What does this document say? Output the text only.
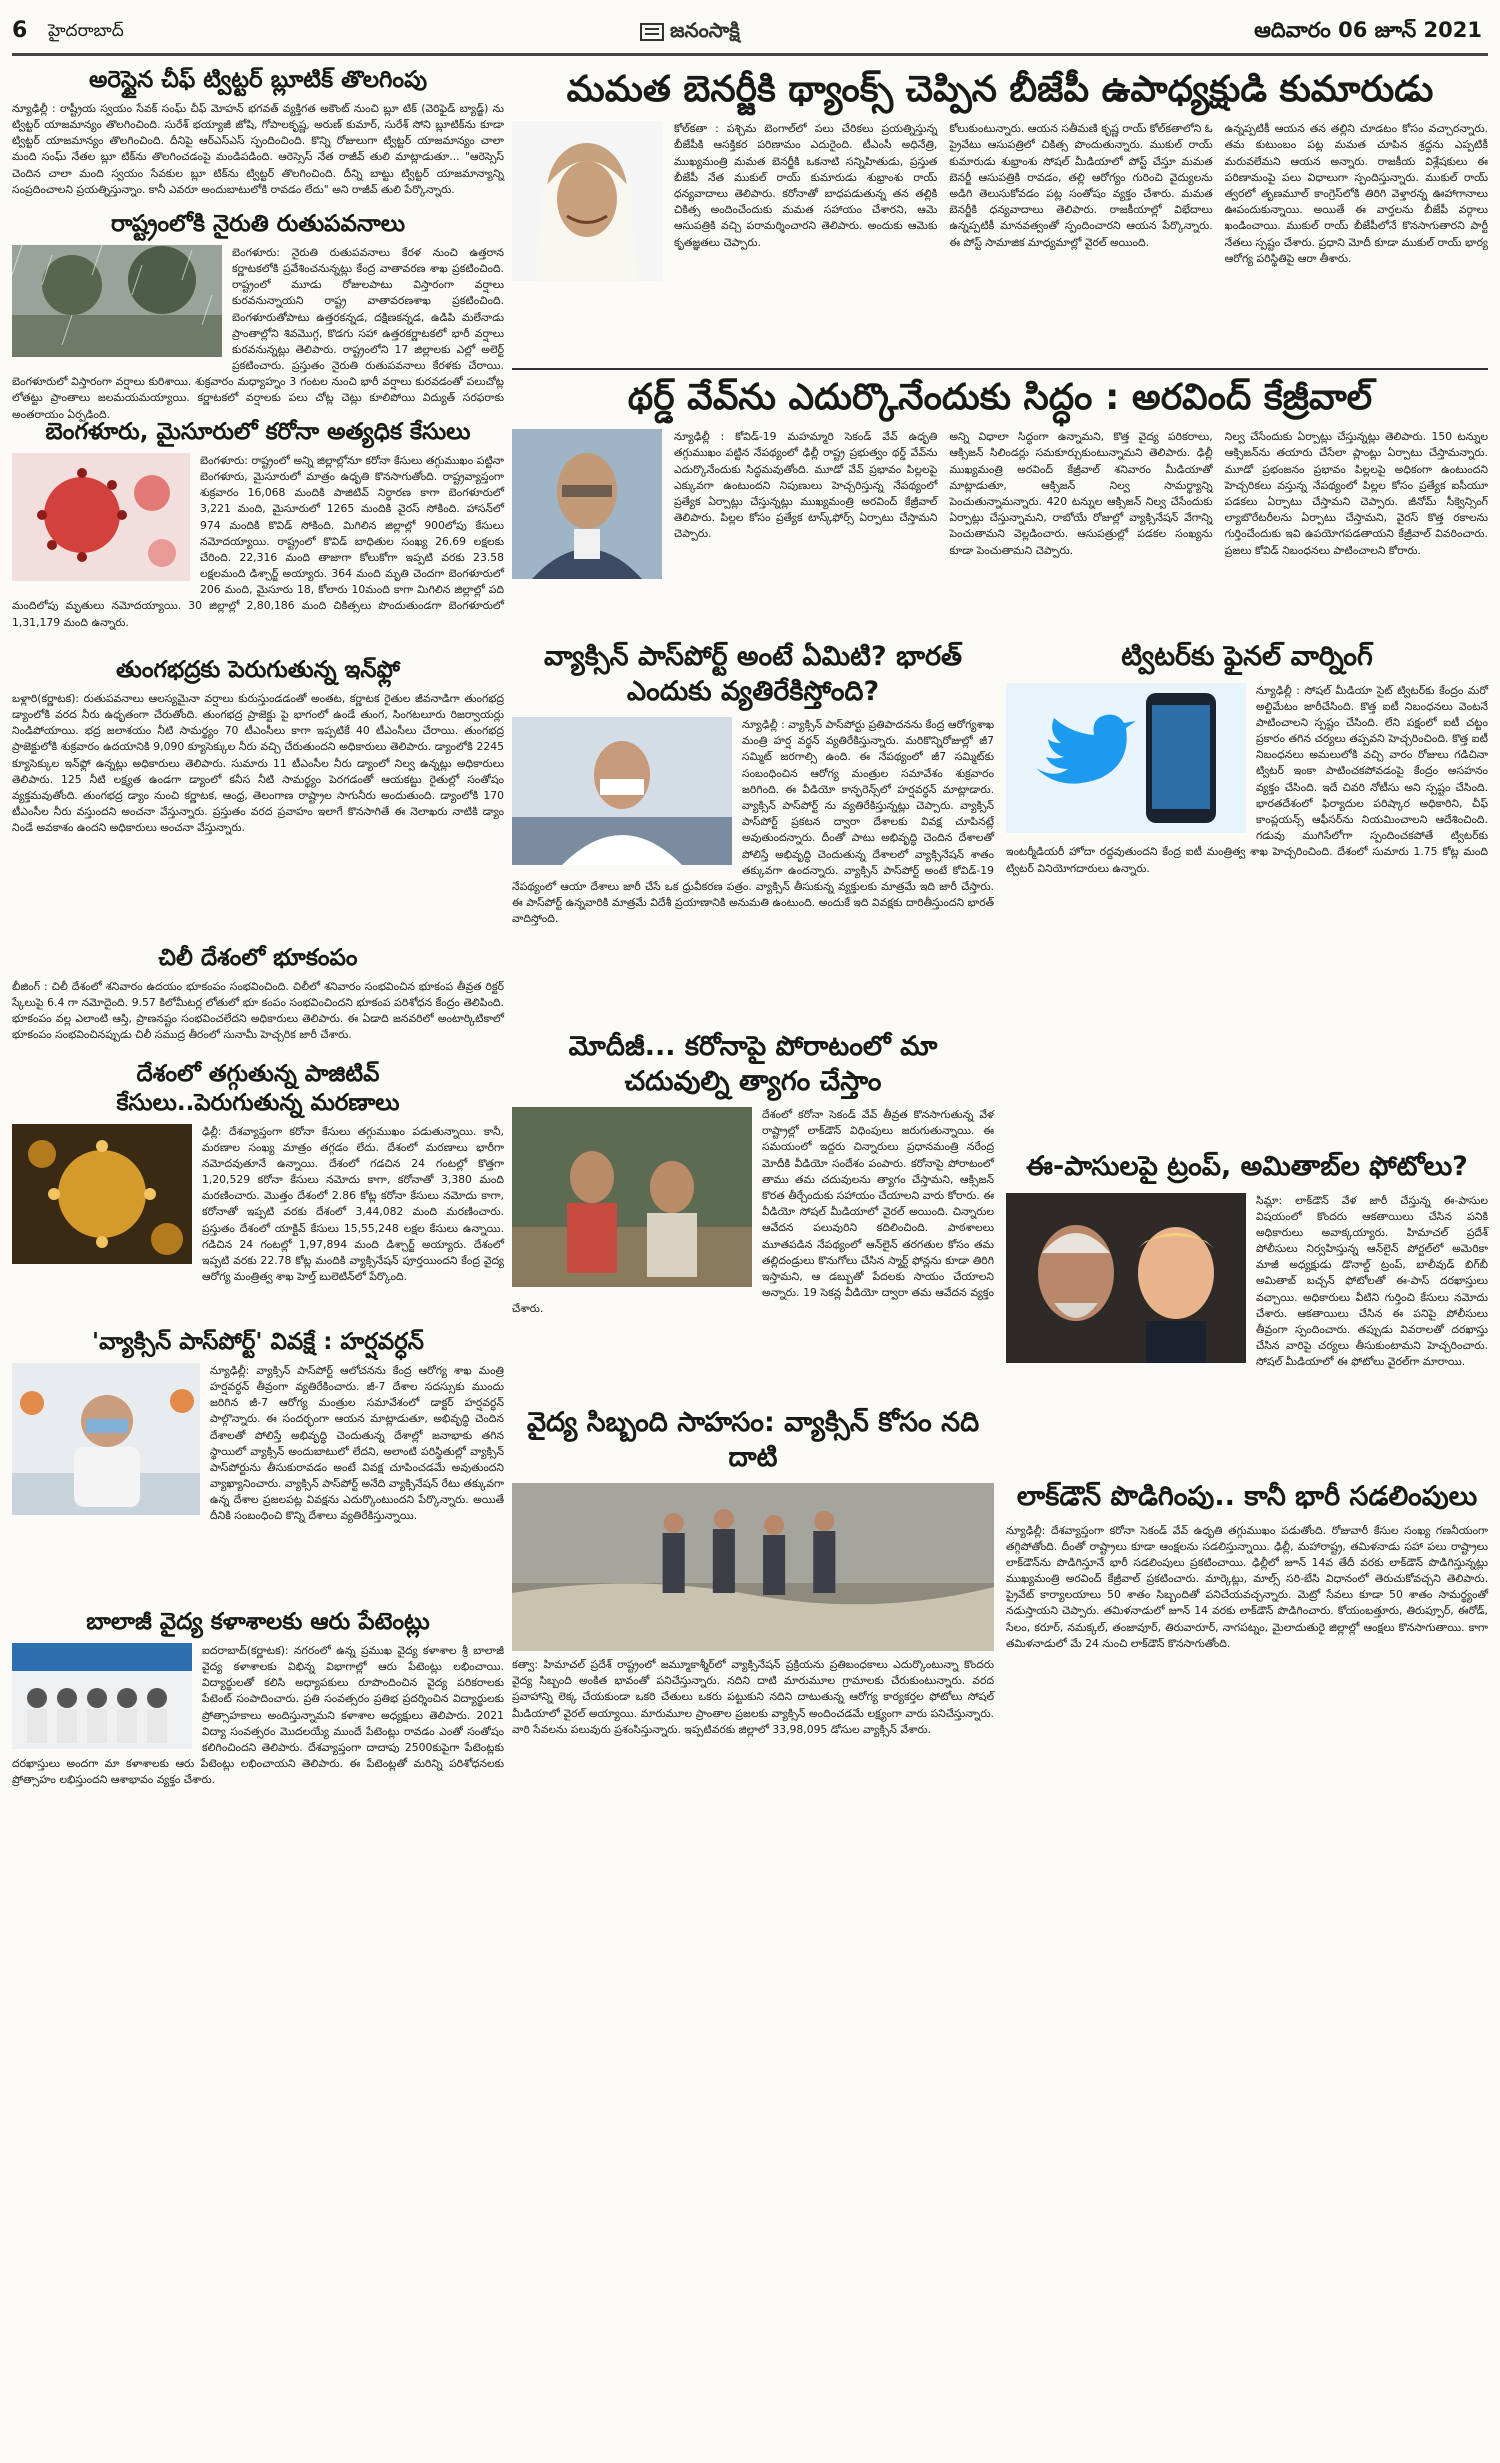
6 హైదరాబాద్	జనంసాక్షి	ఆదివారం 06 జూన్ 2021
అరెస్టైన చీఫ్‌ ట్విట్టర్‌ బ్లూటిక్‌ తొలగింపు

న్యూఢిల్లీ : రాష్ట్రీయ స్వయం సేవక్‌ సంఘ్‌ చీఫ్‌ మోహన్‌ భగవత్‌ వ్యక్తిగత అకౌంట్‌ నుంచి బ్లూ టిక్‌ (వెరిఫైడ్‌ బ్యాడ్జ్‌) ను ట్విట్టర్‌ యాజమాన్యం తొలగించింది. సురేశ్‌ భయ్యాజీ జోషి, గోపాలకృష్ణ, అరుణ్‌ కుమార్‌, సురేశ్‌ సోని బ్లూటిక్‌ను కూడా ట్విట్టర్‌ యాజమాన్యం తొలగించింది. దీనిపై ఆర్‌ఎస్‌ఎస్‌ స్పందించింది. కొన్ని రోజులుగా ట్విట్టర్‌ యాజమాన్యం చాలా మంది సంఘ్‌ నేతల బ్లూ టిక్‌ను తొలగించడంపై మండిపడింది. ఆరెస్సెస్‌ నేత రాజీవ్‌ తులి మాట్లాడుతూ... "ఆరెస్సెస్‌ చెందిన చాలా మంది స్వయం సేవకుల బ్లూ టిక్‌ను ట్విట్టర్‌ తొలగించింది. దీన్ని బాట్టు ట్విట్టర్‌ యాజమాన్యాన్ని సంప్రదించాలని ప్రయత్నిస్తున్నాం. కానీ ఎవరూ అందుబాటులోకి రావడం లేదు" అని రాజీవ్‌ తులి పేర్కొన్నారు.

రాష్ట్రంలోకి నైరుతి రుతుపవనాలు

బెంగళూరు: నైరుతి రుతుపవనాలు కేరళ నుంచి ఉత్తరాన కర్ణాటకలోకి ప్రవేశించనున్నట్లు కేంద్ర వాతావరణ శాఖ ప్రకటించింది. రాష్ట్రంలో మూడు రోజులపాటు విస్తారంగా వర్షాలు కురవనున్నాయని రాష్ట్ర వాతావరణశాఖ ప్రకటించింది. బెంగళూరుతోపాటు ఉత్తరకన్నడ, దక్షిణకన్నడ, ఉడిపి మలేనాడు ప్రాంతాల్లోని శివమొగ్గ, కొడగు సహా ఉత్తరకర్ణాటకలో భారీ వర్షాలు కురవనున్నట్లు తెలిపారు. రాష్ట్రంలోని 17 జిల్లాలకు ఎల్లో అలెర్ట్‌ ప్రకటించారు. ప్రస్తుతం నైరుతి రుతుపవనాలు కేరళకు చేరాయి. బెంగళూరులో విస్తారంగా వర్షాలు కురిశాయి. శుక్రవారం మధ్యాహ్నం 3 గంటల నుంచి భారీ వర్షాలు కురవడంతో పలుచోట్ల లోతట్టు ప్రాంతాలు జలమయమయ్యాయి. కర్ణాటకలో వర్షాలకు పలు చోట్ల చెట్లు కూలిపోయి విద్యుత్‌ సరఫరాకు అంతరాయం ఏర్పడింది.

బెంగళూరు, మైసూరులో కరోనా అత్యధిక కేసులు

బెంగళూరు: రాష్ట్రంలో అన్ని జిల్లాల్లోనూ కరోనా కేసులు తగ్గుముఖం పట్టినా బెంగళూరు, మైసూరులో మాత్రం ఉధృతి కొనసాగుతోంది. రాష్ట్రవ్యాప్తంగా శుక్రవారం 16,068 మందికి పాజిటివ్‌ నిర్ధారణ కాగా బెంగళూరులో 3,221 మంది, మైసూరులో 1265 మందికి వైరస్‌ సోకింది. హాసన్‌లో 974 మందికి కొవిడ్‌ సోకింది. మిగిలిన జిల్లాల్లో 900లోపు కేసులు నమోదయ్యాయి. రాష్ట్రంలో కొవిడ్‌ బాధితుల సంఖ్య 26.69 లక్షలకు చేరింది. 22,316 మంది తాజాగా కోలుకోగా ఇప్పటి వరకు 23.58 లక్షలమంది డిశ్చార్జ్‌ అయ్యారు. 364 మంది మృతి చెందగా బెంగళూరులో 206 మంది, మైసూరు 18, కోలారు 10మంది కాగా మిగిలిన జిల్లాల్లో పది మందిలోపు మృతులు నమోదయ్యాయి. 30 జిల్లాల్లో 2,80,186 మంది చికిత్సలు పొందుతుండగా బెంగళూరులో 1,31,179 మంది ఉన్నారు.

తుంగభద్రకు పెరుగుతున్న ఇన్‌ఫ్లో

బళ్లారి(కర్ణాటక): రుతుపవనాలు ఆలస్యమైనా వర్షాలు కురుస్తుండడంతో అంతట, కర్ణాటక రైతుల జీవనాడిగా తుంగభద్ర డ్యాంలోకి వరద నీరు ఉధృతంగా చేరుతోంది. తుంగభద్ర ప్రాజెక్టు పై భాగంలో ఉండే తుంగ, సింగటలూరు రిజర్వాయర్లు నిండిపోయాయి. భద్ర జలాశయం నీటి సామర్థ్యం 70 టీఎంసీలు కాగా ఇప్పటికే 40 టీఎంసీలు చేరాయి. తుంగభద్ర ప్రాజెక్టులోకి శుక్రవారం ఉదయానికి 9,090 క్యూసెక్కుల నీరు వచ్చి చేరుతుందని అధికారులు తెలిపారు. డ్యాంలోకి 2245 క్యూసెక్కుల ఇన్‌ఫ్లో ఉన్నట్లు అధికారులు తెలిపారు. సుమారు 11 టీఎంసీల నీరు డ్యాంలో నిల్వ ఉన్నట్లు అధికారులు తెలిపారు. 125 నీటి లక్ష్యత ఉండగా డ్యాంలో కనీస నీటి సామర్థ్యం పెరగడంతో ఆయకట్టు రైతుల్లో సంతోషం వ్యక్తమవుతోంది. తుంగభద్ర డ్యాం నుంచి కర్ణాటక, ఆంధ్ర, తెలంగాణ రాష్ట్రాల సాగునీరు అందుతుంది. డ్యాంలోకి 170 టీఎంసీల నీరు వస్తుందని అంచనా వేస్తున్నారు. ప్రస్తుతం వరద ప్రవాహం ఇలాగే కొనసాగితే ఈ నెలాఖరు నాటికి డ్యాం నిండే అవకాశం ఉందని అధికారులు అంచనా వేస్తున్నారు.

చిలీ దేశంలో భూకంపం

బీజింగ్‌ : చిలీ దేశంలో శనివారం ఉదయం భూకంపం సంభవించింది. చిలీలో శనివారం సంభవించిన భూకంప తీవ్రత రిక్టర్‌ స్కేలుపై 6.4 గా నమోదైంది. 9.57 కిలోమీటర్ల లోతులో భూ కంపం సంభవించిందని భూకంప పరిశోధన కేంద్రం తెలిపింది. భూకంపం వల్ల ఎలాంటి ఆస్తి, ప్రాణనష్టం సంభవించలేదని అధికారులు తెలిపారు. ఈ ఏడాది జనవరిలో అంటార్కిటికాలో భూకంపం సంభవించినప్పుడు చిలీ సముద్ర తీరంలో సునామీ హెచ్చరిక జారీ చేశారు.

దేశంలో తగ్గుతున్న పాజిటివ్‌ కేసులు..పెరుగుతున్న మరణాలు

ఢిల్లీ: దేశవ్యాప్తంగా కరోనా కేసులు తగ్గుముఖం పడుతున్నాయి. కానీ, మరణాల సంఖ్య మాత్రం తగ్గడం లేదు. దేశంలో మరణాలు భారీగా నమోదవుతూనే ఉన్నాయి. దేశంలో గడచిన 24 గంటల్లో కొత్తగా 1,20,529 కరోనా కేసులు నమోదు కాగా, కరోనాతో 3,380 మంది మరణించారు. మొత్తం దేశంలో 2.86 కోట్ల కరోనా కేసులు నమోదు కాగా, కరోనాతో ఇప్పటి వరకు దేశంలో 3,44,082 మంది మరణించారు. ప్రస్తుతం దేశంలో యాక్టివ్‌ కేసులు 15,55,248 లక్షల కేసులు ఉన్నాయి. గడిచిన 24 గంటల్లో 1,97,894 మంది డిశ్చార్జ్‌ అయ్యారు. దేశంలో ఇప్పటి వరకు 22.78 కోట్ల మందికి వ్యాక్సినేషన్‌ పూర్తయిందని కేంద్ర వైద్య ఆరోగ్య మంత్రిత్వ శాఖ హెల్త్‌ బులెటిన్‌లో పేర్కొంది.

'వ్యాక్సిన్‌ పాస్‌పోర్ట్‌' వివక్షే : హర్షవర్ధన్‌

న్యూఢిల్లీ: వ్యాక్సిన్‌ పాస్‌పోర్ట్‌ ఆలోచనను కేంద్ర ఆరోగ్య శాఖ మంత్రి హర్షవర్ధన్‌ తీవ్రంగా వ్యతిరేకించారు. జీ-7 దేశాల సదస్సుకు ముందు జరిగిన జీ-7 ఆరోగ్య మంత్రుల సమావేశంలో డాక్టర్‌ హర్షవర్ధన్‌ పాల్గొన్నారు. ఈ సందర్భంగా ఆయన మాట్లాడుతూ, అభివృద్ధి చెందిన దేశాలతో పోలిస్తే అభివృద్ధి చెందుతున్న దేశాల్లో జనాభాకు తగిన స్థాయిలో వ్యాక్సిన్‌ అందుబాటులో లేదని, అలాంటి పరిస్థితుల్లో వ్యాక్సిన్‌ పాస్‌పోర్టును తీసుకురావడం అంటే వివక్ష చూపించడమే అవుతుందని వ్యాఖ్యానించారు. వ్యాక్సిన్‌ పాస్‌పోర్ట్‌ అనేది వ్యాక్సినేషన్‌ రేటు తక్కువగా ఉన్న దేశాల ప్రజలపట్ల వివక్షను ఎదుర్కొంటుందని పేర్కొన్నారు. అయితే దీనికి సంబంధించి కొన్ని దేశాలు వ్యతిరేకిస్తున్నాయి.

బాలాజీ వైద్య కళాశాలకు ఆరు పేటెంట్లు

ఐదరాబాద్‌(కర్ణాటక): నగరంలో ఉన్న ప్రముఖ వైద్య కళాశాల శ్రీ బాలాజీ వైద్య కళాశాలకు విభిన్న విభాగాల్లో ఆరు పేటెంట్లు లభించాయి. విద్యార్థులతో కలిసి అధ్యాపకులు రూపొందించిన వైద్య పరికరాలకు పేటెంట్‌ సంపాదించారు. ప్రతి సంవత్సరం ప్రతిభ ప్రదర్శించిన విద్యార్థులకు ప్రోత్సాహకాలు అందిస్తున్నామని కళాశాల అధ్యక్షులు తెలిపారు. 2021 విద్యా సంవత్సరం మొదలయ్యే ముందే పేటెంట్లు రావడం ఎంతో సంతోషం కలిగించిందని తెలిపారు. దేశవ్యాప్తంగా దాదాపు 2500కుపైగా పేటెంట్లకు దరఖాస్తులు అందగా మా కళాశాలకు ఆరు పేటెంట్లు లభించాయని తెలిపారు. ఈ పేటెంట్లతో మరిన్ని పరిశోధనలకు ప్రోత్సాహం లభిస్తుందని ఆశాభావం వ్యక్తం చేశారు.

మమత బెనర్జీకి థ్యాంక్స్‌ చెప్పిన బీజేపీ ఉపాధ్యక్షుడి కుమారుడు

కోల్‌కతా : పశ్చిమ బెంగాల్‌లో పలు చేరికలు ప్రయత్నిస్తున్న బీజేపీకి ఆసక్తికర పరిణామం ఎదురైంది. టీఎంసీ అధినేత్రి, ముఖ్యమంత్రి మమత బెనర్జీకి ఒకనాటి సన్నిహితుడు, ప్రస్తుత బీజేపీ నేత ముకుల్‌ రాయ్‌ కుమారుడు శుభ్రాంశు రాయ్‌ ధన్యవాదాలు తెలిపారు. కరోనాతో బాధపడుతున్న తన తల్లికి చికిత్స అందించేందుకు మమత సహాయం చేశారని, ఆమె ఆసుపత్రికి వచ్చి పరామర్శించారని తెలిపారు. అందుకు ఆమెకు కృతజ్ఞతలు చెప్పారు.

కోలుకుంటున్నారు. ఆయన సతీమణి కృష్ణ రాయ్‌ కోల్‌కతాలోని ఓ ప్రైవేటు ఆసుపత్రిలో చికిత్స పొందుతున్నారు. ముకుల్‌ రాయ్‌ కుమారుడు శుభ్రాంశు సోషల్‌ మీడియాలో పోస్ట్‌ చేస్తూ మమత బెనర్జీ ఆసుపత్రికి రావడం, తల్లి ఆరోగ్యం గురించి వైద్యులను అడిగి తెలుసుకోవడం పట్ల సంతోషం వ్యక్తం చేశారు. మమత బెనర్జీకి ధన్యవాదాలు తెలిపారు. రాజకీయాల్లో విభేదాలు ఉన్నప్పటికీ మానవత్వంతో స్పందించారని ఆయన పేర్కొన్నారు. ఈ పోస్ట్‌ సామాజిక మాధ్యమాల్లో వైరల్‌ అయింది.

ఉన్నప్పటికీ ఆయన తన తల్లిని చూడటం కోసం వచ్చారన్నారు. తమ కుటుంబం పట్ల మమత చూపిన శ్రద్ధను ఎప్పటికీ మరువలేమని ఆయన అన్నారు. రాజకీయ విశ్లేషకులు ఈ పరిణామంపై పలు విధాలుగా స్పందిస్తున్నారు. ముకుల్‌ రాయ్‌ త్వరలో తృణమూల్‌ కాంగ్రెస్‌లోకి తిరిగి వెళ్తారన్న ఊహాగానాలు ఊపందుకున్నాయి. అయితే ఈ వార్తలను బీజేపీ వర్గాలు ఖండించాయి. ముకుల్‌ రాయ్‌ బీజేపీలోనే కొనసాగుతారని పార్టీ నేతలు స్పష్టం చేశారు. ప్రధాని మోదీ కూడా ముకుల్‌ రాయ్‌ భార్య ఆరోగ్య పరిస్థితిపై ఆరా తీశారు.

థర్డ్‌ వేవ్‌ను ఎదుర్కొనేందుకు సిద్ధం : అరవింద్‌ కేజ్రీవాల్‌

న్యూఢిల్లీ : కోవిడ్‌-19 మహమ్మారి సెకండ్‌ వేవ్‌ ఉధృతి తగ్గుముఖం పట్టిన నేపథ్యంలో ఢిల్లీ రాష్ట్ర ప్రభుత్వం థర్డ్‌ వేవ్‌ను ఎదుర్కొనేందుకు సిద్ధమవుతోంది. మూడో వేవ్‌ ప్రభావం పిల్లలపై ఎక్కువగా ఉంటుందని నిపుణులు హెచ్చరిస్తున్న నేపథ్యంలో ప్రత్యేక ఏర్పాట్లు చేస్తున్నట్లు ముఖ్యమంత్రి అరవింద్‌ కేజ్రీవాల్‌ తెలిపారు. పిల్లల కోసం ప్రత్యేక టాస్క్‌ఫోర్స్‌ ఏర్పాటు చేస్తామని చెప్పారు.

అన్ని విధాలా సిద్ధంగా ఉన్నామని, కొత్త వైద్య పరికరాలు, ఆక్సిజన్‌ సిలిండర్లు సమకూర్చుకుంటున్నామని తెలిపారు. ఢిల్లీ ముఖ్యమంత్రి అరవింద్‌ కేజ్రీవాల్‌ శనివారం మీడియాతో మాట్లాడుతూ, ఆక్సిజన్‌ నిల్వ సామర్థ్యాన్ని పెంచుతున్నామన్నారు. 420 టన్నుల ఆక్సిజన్‌ నిల్వ చేసేందుకు ఏర్పాట్లు చేస్తున్నామని, రాబోయే రోజుల్లో వ్యాక్సినేషన్‌ వేగాన్ని పెంచుతామని వెల్లడించారు. ఆసుపత్రుల్లో పడకల సంఖ్యను కూడా పెంచుతామని చెప్పారు.

నిల్వ చేసేందుకు ఏర్పాట్లు చేస్తున్నట్లు తెలిపారు. 150 టన్నుల ఆక్సిజన్‌ను తయారు చేసేలా ప్లాంట్లు ఏర్పాటు చేస్తామన్నారు. మూడో ప్రభంజనం ప్రభావం పిల్లలపై అధికంగా ఉంటుందని హెచ్చరికలు వస్తున్న నేపథ్యంలో పిల్లల కోసం ప్రత్యేక ఐసీయూ పడకలు ఏర్పాటు చేస్తామని చెప్పారు. జీనోమ్‌ సీక్వెన్సింగ్‌ ల్యాబొరేటరీలను ఏర్పాటు చేస్తామని, వైరస్‌ కొత్త రకాలను గుర్తించేందుకు ఇవి ఉపయోగపడతాయని కేజ్రీవాల్‌ వివరించారు. ప్రజలు కోవిడ్‌ నిబంధనలు పాటించాలని కోరారు.

వ్యాక్సిన్‌ పాస్‌పోర్ట్‌ అంటే ఏమిటి? భారత్‌ ఎందుకు వ్యతిరేకిస్తోంది?

న్యూఢిల్లీ : వ్యాక్సిన్‌ పాస్‌పోర్టు ప్రతిపాదనను కేంద్ర ఆరోగ్యశాఖ మంత్రి హర్ష వర్థన్‌ వ్యతిరేకిస్తున్నారు. మరికొన్నిరోజుల్లో జీ7 సమ్మిట్‌ జరగాల్సి ఉంది. ఈ నేపథ్యంలో జీ7 సమ్మిట్‌కు సంబంధించిన ఆరోగ్య మంత్రుల సమావేశం శుక్రవారం జరిగింది. ఈ వీడియో కాన్ఫరెన్స్‌లో హర్షవర్ధన్‌ మాట్లాడారు. వ్యాక్సిన్‌ పాస్‌పోర్ట్‌ ను వ్యతిరేకిస్తున్నట్లు చెప్పారు. వ్యాక్సిన్‌ పాస్‌పోర్ట్‌ ప్రకటన ద్వారా దేశాలకు వివక్ష చూపినట్లే అవుతుందన్నారు. దీంతో పాటు అభివృద్ధి చెందిన దేశాలతో పోలిస్తే అభివృద్ధి చెందుతున్న దేశాలలో వ్యాక్సినేషన్‌ శాతం తక్కువగా ఉందన్నారు. వ్యాక్సిన్‌ పాస్‌పోర్ట్‌ అంటే కోవిడ్‌-19 నేపథ్యంలో ఆయా దేశాలు జారీ చేసే ఒక ధ్రువీకరణ పత్రం. వ్యాక్సిన్‌ తీసుకున్న వ్యక్తులకు మాత్రమే ఇది జారీ చేస్తారు. ఈ పాస్‌పోర్ట్‌ ఉన్నవారికి మాత్రమే విదేశీ ప్రయాణానికి అనుమతి ఉంటుంది. అందుకే ఇది వివక్షకు దారితీస్తుందని భారత్‌ వాదిస్తోంది.

మోదీజీ... కరోనాపై పోరాటంలో మా చదువుల్ని త్యాగం చేస్తాం

దేశంలో కరోనా సెకండ్‌ వేవ్‌ తీవ్రత కొనసాగుతున్న వేళ రాష్ట్రాల్లో లాక్‌డౌన్‌ విధింపులు జరుగుతున్నాయి. ఈ సమయంలో ఇద్దరు చిన్నారులు ప్రధానమంత్రి నరేంద్ర మోదీకి వీడియో సందేశం పంపారు. కరోనాపై పోరాటంలో తాము తమ చదువులను త్యాగం చేస్తామని, ఆక్సిజన్‌ కొరత తీర్చేందుకు సహాయం చేయాలని వారు కోరారు. ఈ వీడియో సోషల్‌ మీడియాలో వైరల్‌ అయింది. చిన్నారుల ఆవేదన పలువురిని కదిలించింది. పాఠశాలలు మూతపడిన నేపథ్యంలో ఆన్‌లైన్‌ తరగతుల కోసం తమ తల్లిదండ్రులు కొనుగోలు చేసిన స్మార్ట్‌ ఫోన్లను కూడా తిరిగి ఇస్తామని, ఆ డబ్బుతో పేదలకు సాయం చేయాలని అన్నారు. 19 సెకన్ల వీడియో ద్వారా తమ ఆవేదన వ్యక్తం చేశారు.

వైద్య సిబ్బంది సాహసం: వ్యాక్సిన్‌ కోసం నది దాటి

కత్వా: హిమాచల్‌ ప్రదేశ్‌ రాష్ట్రంలో జమ్మూకాశ్మీర్‌లో వ్యాక్సినేషన్‌ ప్రక్రియను ప్రతిబంధకాలు ఎదుర్కొంటున్నా కొందరు వైద్య సిబ్బంది అంకిత భావంతో పనిచేస్తున్నారు. నదిని దాటి మారుమూల గ్రామాలకు చేరుకుంటున్నారు. వరద ప్రవాహాన్ని లెక్క చేయకుండా ఒకరి చేతులు ఒకరు పట్టుకుని నదిని దాటుతున్న ఆరోగ్య కార్యకర్తల ఫోటోలు సోషల్‌ మీడియాలో వైరల్‌ అయ్యాయి. మారుమూల ప్రాంతాల ప్రజలకు వ్యాక్సిన్‌ అందించడమే లక్ష్యంగా వారు పనిచేస్తున్నారు. వారి సేవలను పలువురు ప్రశంసిస్తున్నారు. ఇప్పటివరకు జిల్లాలో 33,98,095 డోసుల వ్యాక్సిన్‌ వేశారు.

ట్విటర్‌కు ఫైనల్‌ వార్నింగ్‌

న్యూఢిల్లీ : సోషల్‌ మీడియా సైట్‌ ట్విటర్‌కు కేంద్రం మరో అల్టిమేటం జారీచేసింది. కొత్త ఐటీ నిబంధనలు వెంటనే పాటించాలని స్పష్టం చేసింది. లేని పక్షంలో ఐటీ చట్టం ప్రకారం తగిన చర్యలు తప్పవని హెచ్చరించింది. కొత్త ఐటీ నిబంధనలు అమలులోకి వచ్చి వారం రోజులు గడిచినా ట్విటర్‌ ఇంకా పాటించకపోవడంపై కేంద్రం అసహనం వ్యక్తం చేసింది. ఇదే చివరి నోటీసు అని స్పష్టం చేసింది. భారతదేశంలో ఫిర్యాదుల పరిష్కార అధికారిని, చీఫ్‌ కాంప్లయన్స్‌ ఆఫీసర్‌ను నియమించాలని ఆదేశించింది. గడువు ముగిసేలోగా స్పందించకపోతే ట్విటర్‌కు ఇంటర్మీడియరీ హోదా రద్దవుతుందని కేంద్ర ఐటీ మంత్రిత్వ శాఖ హెచ్చరించింది. దేశంలో సుమారు 1.75 కోట్ల మంది ట్విటర్‌ వినియోగదారులు ఉన్నారు.

ఈ-పాసులపై ట్రంప్‌, అమితాబ్‌ల ఫోటోలు?

సిమ్లా: లాక్‌డౌన్‌ వేళ జారీ చేస్తున్న ఈ-పాసుల విషయంలో కొందరు ఆకతాయిలు చేసిన పనికి అధికారులు అవాక్కయ్యారు. హిమాచల్‌ ప్రదేశ్‌ పోలీసులు నిర్వహిస్తున్న ఆన్‌లైన్‌ పోర్టల్‌లో అమెరికా మాజీ అధ్యక్షుడు డొనాల్డ్‌ ట్రంప్‌, బాలీవుడ్‌ బిగ్‌బీ అమితాబ్‌ బచ్చన్‌ ఫోటోలతో ఈ-పాస్‌ దరఖాస్తులు వచ్చాయి. అధికారులు వీటిని గుర్తించి కేసులు నమోదు చేశారు. ఆకతాయిలు చేసిన ఈ పనిపై పోలీసులు తీవ్రంగా స్పందించారు. తప్పుడు వివరాలతో దరఖాస్తు చేసిన వారిపై చర్యలు తీసుకుంటామని హెచ్చరించారు. సోషల్‌ మీడియాలో ఈ ఫోటోలు వైరల్‌గా మారాయి.

లాక్‌డౌన్‌ పొడిగింపు.. కానీ భారీ సడలింపులు

న్యూఢిల్లీ: దేశవ్యాప్తంగా కరోనా సెకండ్‌ వేవ్‌ ఉధృతి తగ్గుముఖం పడుతోంది. రోజువారీ కేసుల సంఖ్య గణనీయంగా తగ్గిపోతోంది. దీంతో రాష్ట్రాలు కూడా ఆంక్షలను సడలిస్తున్నాయి. ఢిల్లీ, మహారాష్ట్ర, తమిళనాడు సహా పలు రాష్ట్రాలు లాక్‌డౌన్‌ను పొడిగిస్తూనే భారీ సడలింపులు ప్రకటించాయి. ఢిల్లీలో జూన్‌ 14వ తేదీ వరకు లాక్‌డౌన్‌ పొడిగిస్తున్నట్లు ముఖ్యమంత్రి అరవింద్‌ కేజ్రీవాల్‌ ప్రకటించారు. మార్కెట్లు, మాల్స్‌ సరి-బేసి విధానంలో తెరుచుకోవచ్చని తెలిపారు. ప్రైవేట్‌ కార్యాలయాలు 50 శాతం సిబ్బందితో పనిచేయవచ్చన్నారు. మెట్రో సేవలు కూడా 50 శాతం సామర్థ్యంతో నడుస్తాయని చెప్పారు. తమిళనాడులో జూన్‌ 14 వరకు లాక్‌డౌన్‌ పొడిగించారు. కోయంబత్తూరు, తిరుప్పూర్‌, ఈరోడ్‌, సేలం, కరూర్‌, నమక్కల్‌, తంజావూర్‌, తిరువారూర్‌, నాగపట్నం, మైలాదుతురై జిల్లాల్లో ఆంక్షలు కొనసాగుతాయి. కాగా తమిళనాడులో మే 24 నుంచి లాక్‌డౌన్‌ కొనసాగుతోంది.
